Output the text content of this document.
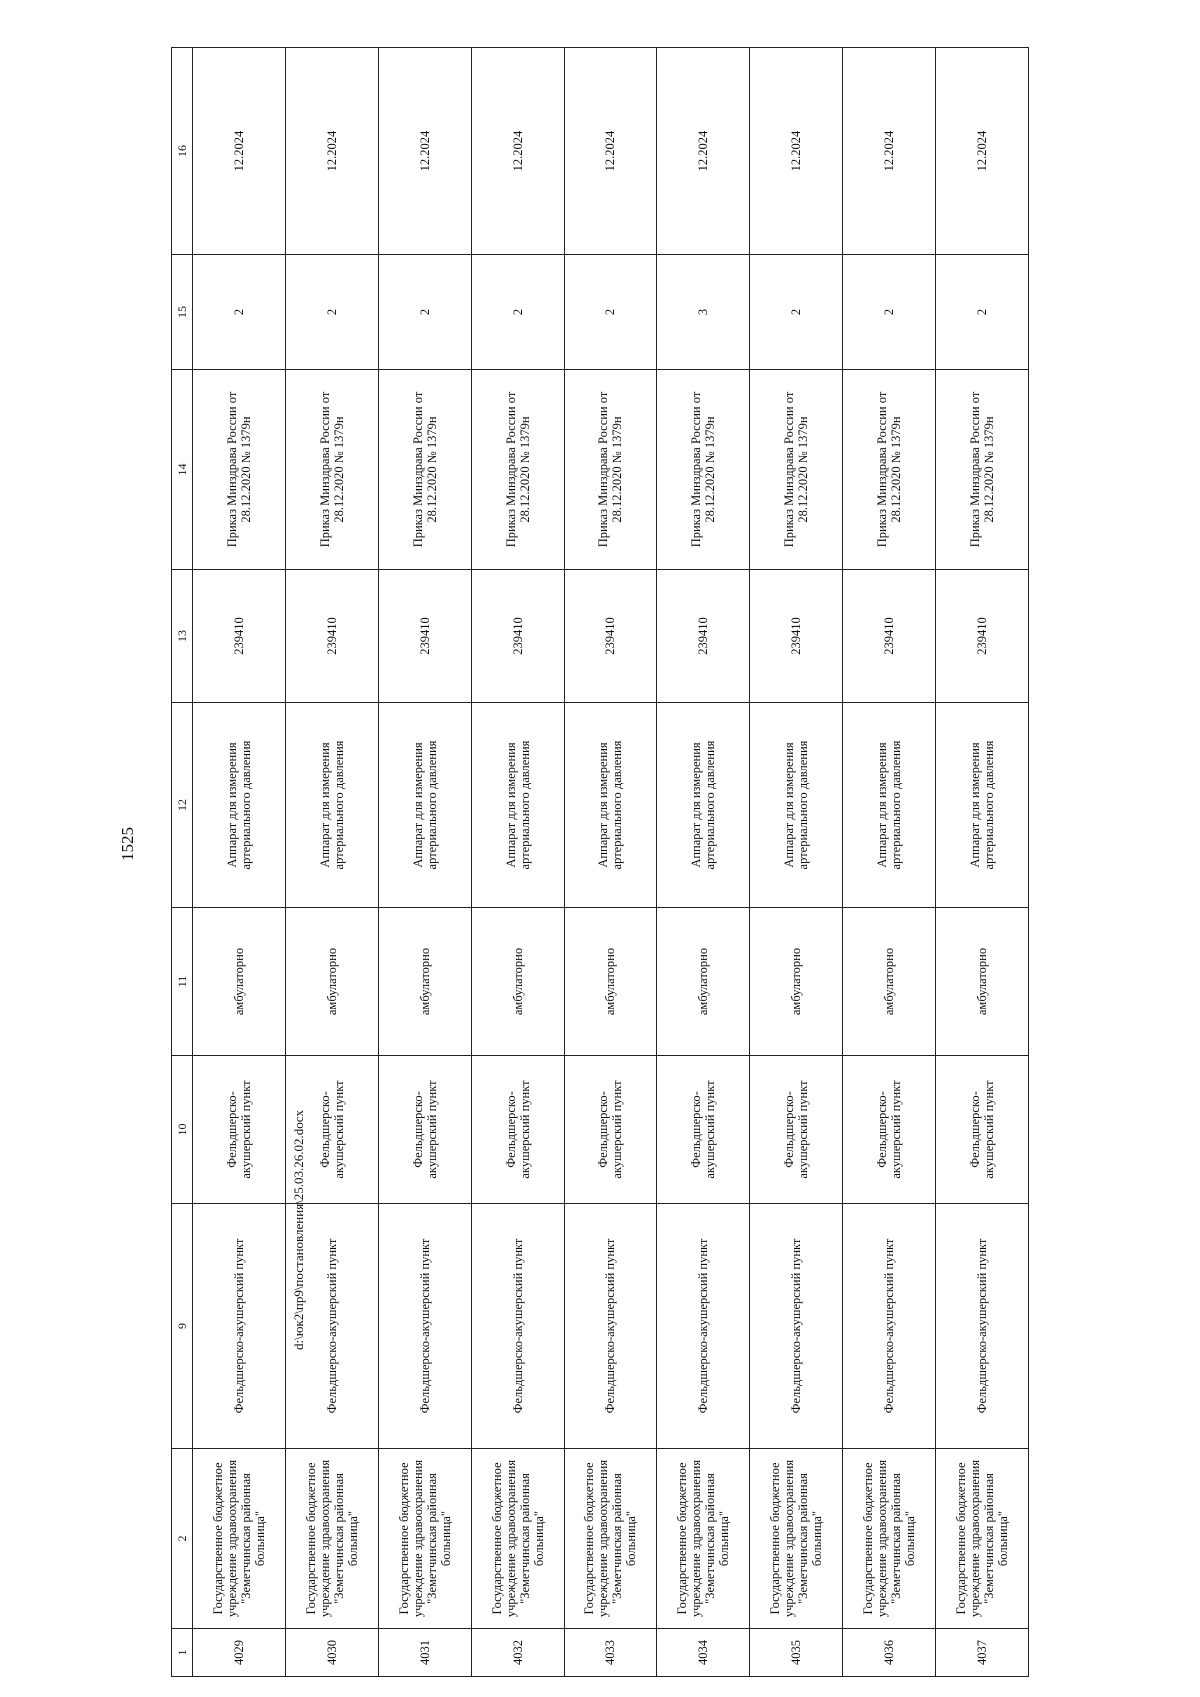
1525
d:\юк2\пр9\постановления\25.03.26.02.docx
1	2	9	10	11	12	13	14	15	16
4029	Государственное бюджетное учреждение здравоохранения "Земетчинская районная больница"	Фельдшерско-акушерский пункт	Фельдшерско-акушерский пункт	амбулаторно	Аппарат для измерения артериального давления	239410	Приказ Минздрава России от 28.12.2020 № 1379н	2	12.2024
4030	Государственное бюджетное учреждение здравоохранения "Земетчинская районная больница"	Фельдшерско-акушерский пункт	Фельдшерско-акушерский пункт	амбулаторно	Аппарат для измерения артериального давления	239410	Приказ Минздрава России от 28.12.2020 № 1379н	2	12.2024
4031	Государственное бюджетное учреждение здравоохранения "Земетчинская районная больница"	Фельдшерско-акушерский пункт	Фельдшерско-акушерский пункт	амбулаторно	Аппарат для измерения артериального давления	239410	Приказ Минздрава России от 28.12.2020 № 1379н	2	12.2024
4032	Государственное бюджетное учреждение здравоохранения "Земетчинская районная больница"	Фельдшерско-акушерский пункт	Фельдшерско-акушерский пункт	амбулаторно	Аппарат для измерения артериального давления	239410	Приказ Минздрава России от 28.12.2020 № 1379н	2	12.2024
4033	Государственное бюджетное учреждение здравоохранения "Земетчинская районная больница"	Фельдшерско-акушерский пункт	Фельдшерско-акушерский пункт	амбулаторно	Аппарат для измерения артериального давления	239410	Приказ Минздрава России от 28.12.2020 № 1379н	2	12.2024
4034	Государственное бюджетное учреждение здравоохранения "Земетчинская районная больница"	Фельдшерско-акушерский пункт	Фельдшерско-акушерский пункт	амбулаторно	Аппарат для измерения артериального давления	239410	Приказ Минздрава России от 28.12.2020 № 1379н	3	12.2024
4035	Государственное бюджетное учреждение здравоохранения "Земетчинская районная больница"	Фельдшерско-акушерский пункт	Фельдшерско-акушерский пункт	амбулаторно	Аппарат для измерения артериального давления	239410	Приказ Минздрава России от 28.12.2020 № 1379н	2	12.2024
4036	Государственное бюджетное учреждение здравоохранения "Земетчинская районная больница"	Фельдшерско-акушерский пункт	Фельдшерско-акушерский пункт	амбулаторно	Аппарат для измерения артериального давления	239410	Приказ Минздрава России от 28.12.2020 № 1379н	2	12.2024
4037	Государственное бюджетное учреждение здравоохранения "Земетчинская районная больница"	Фельдшерско-акушерский пункт	Фельдшерско-акушерский пункт	амбулаторно	Аппарат для измерения артериального давления	239410	Приказ Минздрава России от 28.12.2020 № 1379н	2	12.2024
